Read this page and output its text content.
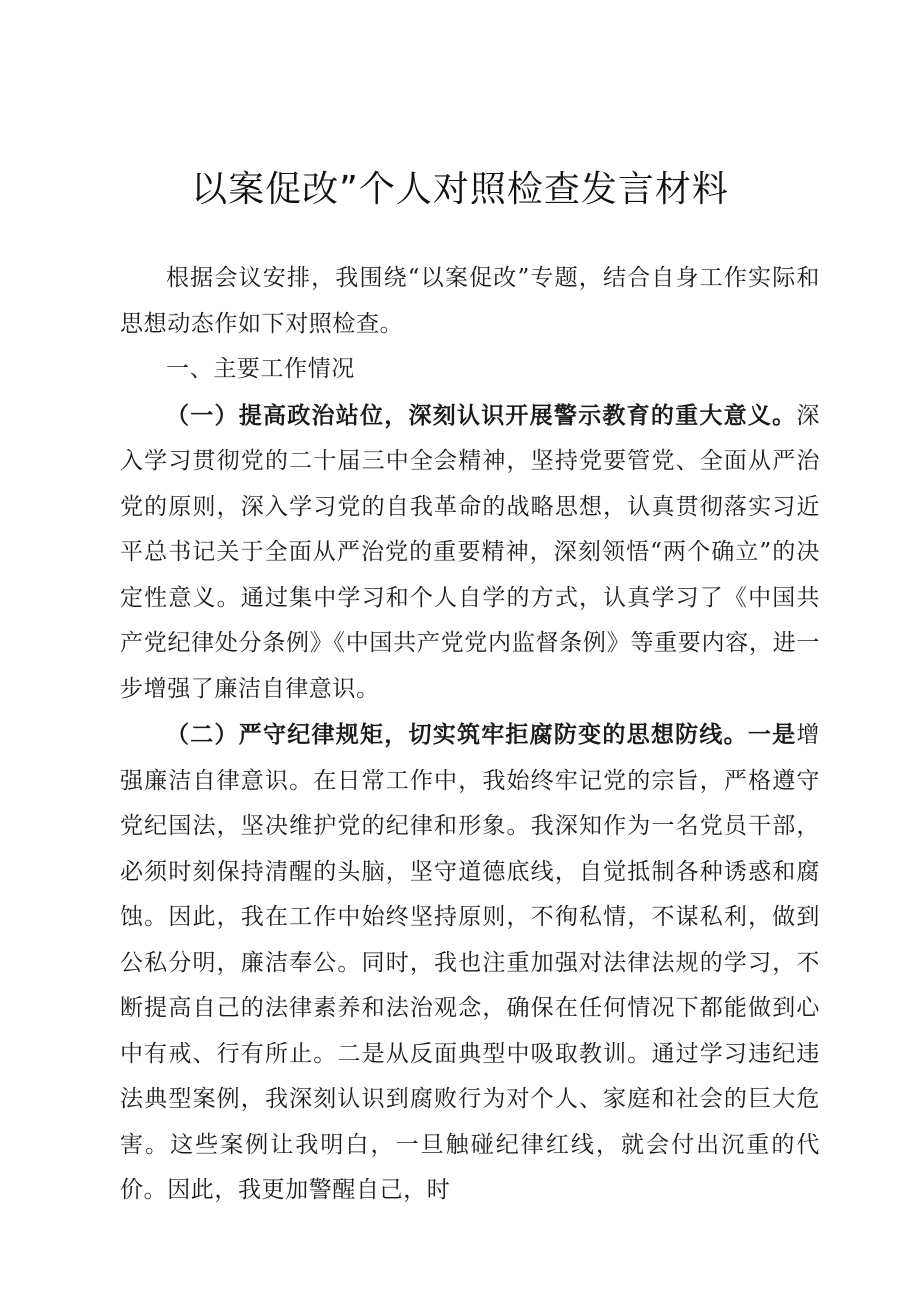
以案促改”个人对照检查发言材料

根据会议安排，我围绕“以案促改”专题，结合自身工作实际和思想动态作如下对照检查。

一、主要工作情况

（一）提高政治站位，深刻认识开展警示教育的重大意义。深入学习贯彻党的二十届三中全会精神，坚持党要管党、全面从严治党的原则，深入学习党的自我革命的战略思想，认真贯彻落实习近平总书记关于全面从严治党的重要精神，深刻领悟“两个确立”的决定性意义。通过集中学习和个人自学的方式，认真学习了《中国共产党纪律处分条例》《中国共产党党内监督条例》等重要内容，进一步增强了廉洁自律意识。

（二）严守纪律规矩，切实筑牢拒腐防变的思想防线。一是增强廉洁自律意识。在日常工作中，我始终牢记党的宗旨，严格遵守党纪国法，坚决维护党的纪律和形象。我深知作为一名党员干部，必须时刻保持清醒的头脑，坚守道德底线，自觉抵制各种诱惑和腐蚀。因此，我在工作中始终坚持原则，不徇私情，不谋私利，做到公私分明，廉洁奉公。同时，我也注重加强对法律法规的学习，不断提高自己的法律素养和法治观念，确保在任何情况下都能做到心中有戒、行有所止。二是从反面典型中吸取教训。通过学习违纪违法典型案例，我深刻认识到腐败行为对个人、家庭和社会的巨大危害。这些案例让我明白，一旦触碰纪律红线，就会付出沉重的代价。因此，我更加警醒自己，时
